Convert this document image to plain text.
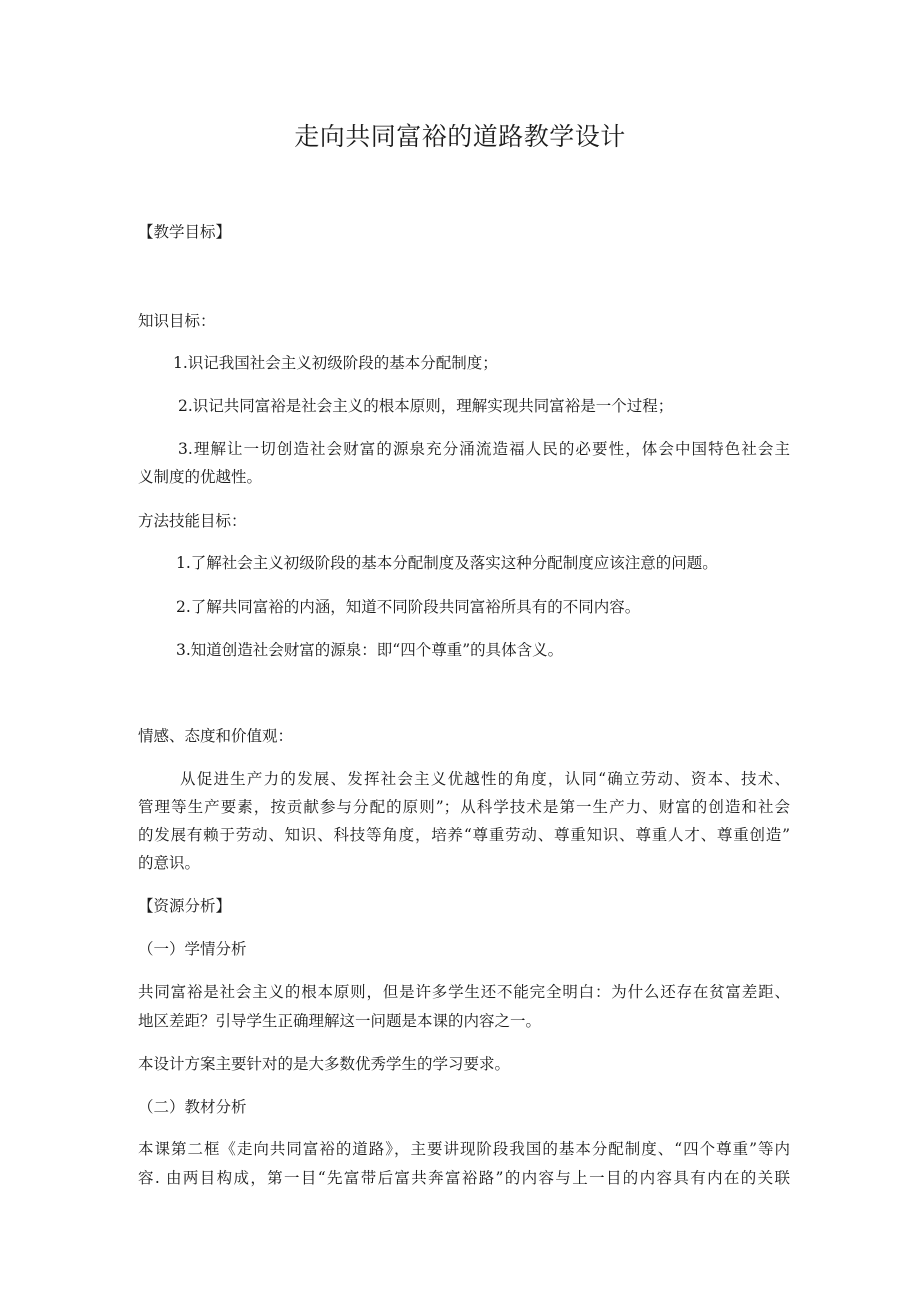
走向共同富裕的道路教学设计
【教学目标】
知识目标：
1.识记我国社会主义初级阶段的基本分配制度；
2.识记共同富裕是社会主义的根本原则，理解实现共同富裕是一个过程；
3.理解让一切创造社会财富的源泉充分涌流造福人民的必要性，体会中国特色社会主
义制度的优越性。
方法技能目标：
1.了解社会主义初级阶段的基本分配制度及落实这种分配制度应该注意的问题。
2.了解共同富裕的内涵，知道不同阶段共同富裕所具有的不同内容。
3.知道创造社会财富的源泉：即“四个尊重”的具体含义。
情感、态度和价值观：
从促进生产力的发展、发挥社会主义优越性的角度，认同“确立劳动、资本、技术、
管理等生产要素，按贡献参与分配的原则”；从科学技术是第一生产力、财富的创造和社会
的发展有赖于劳动、知识、科技等角度，培养“尊重劳动、尊重知识、尊重人才、尊重创造”
的意识。
【资源分析】
（一）学情分析
共同富裕是社会主义的根本原则，但是许多学生还不能完全明白：为什么还存在贫富差距、
地区差距？引导学生正确理解这一问题是本课的内容之一。
本设计方案主要针对的是大多数优秀学生的学习要求。
（二）教材分析
本课第二框《走向共同富裕的道路》，主要讲现阶段我国的基本分配制度、“四个尊重”等内
容. 由两目构成，第一目“先富带后富共奔富裕路”的内容与上一目的内容具有内在的关联
